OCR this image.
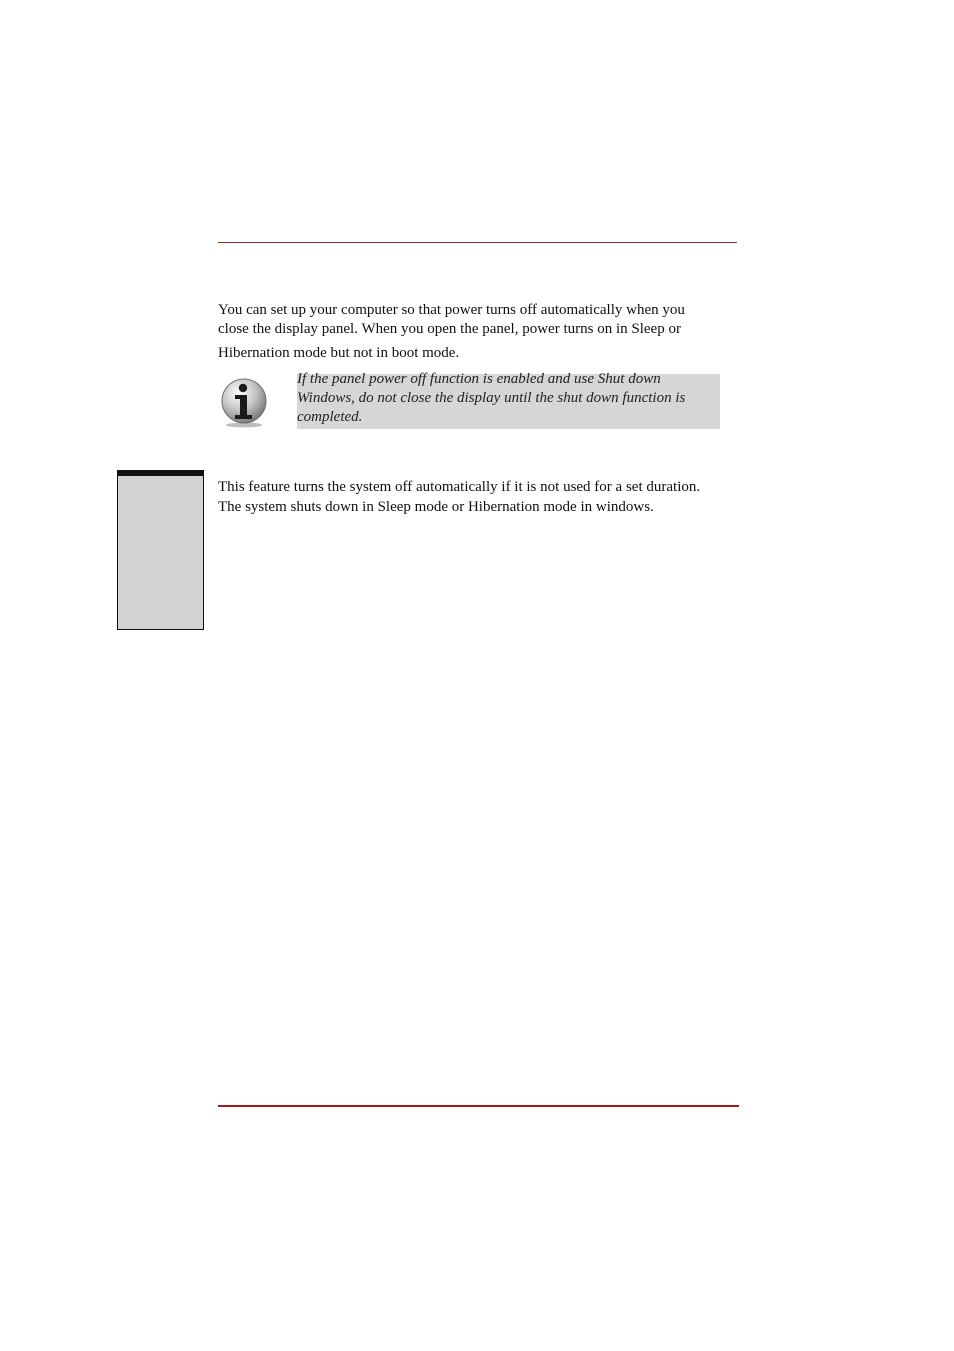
You can set up your computer so that power turns off automatically when you
close the display panel. When you open the panel, power turns on in Sleep or
Hibernation mode but not in boot mode.

If the panel power off function is enabled and use Shut down
Windows, do not close the display until the shut down function is
completed.

This feature turns the system off automatically if it is not used for a set duration.
The system shuts down in Sleep mode or Hibernation mode in windows.
